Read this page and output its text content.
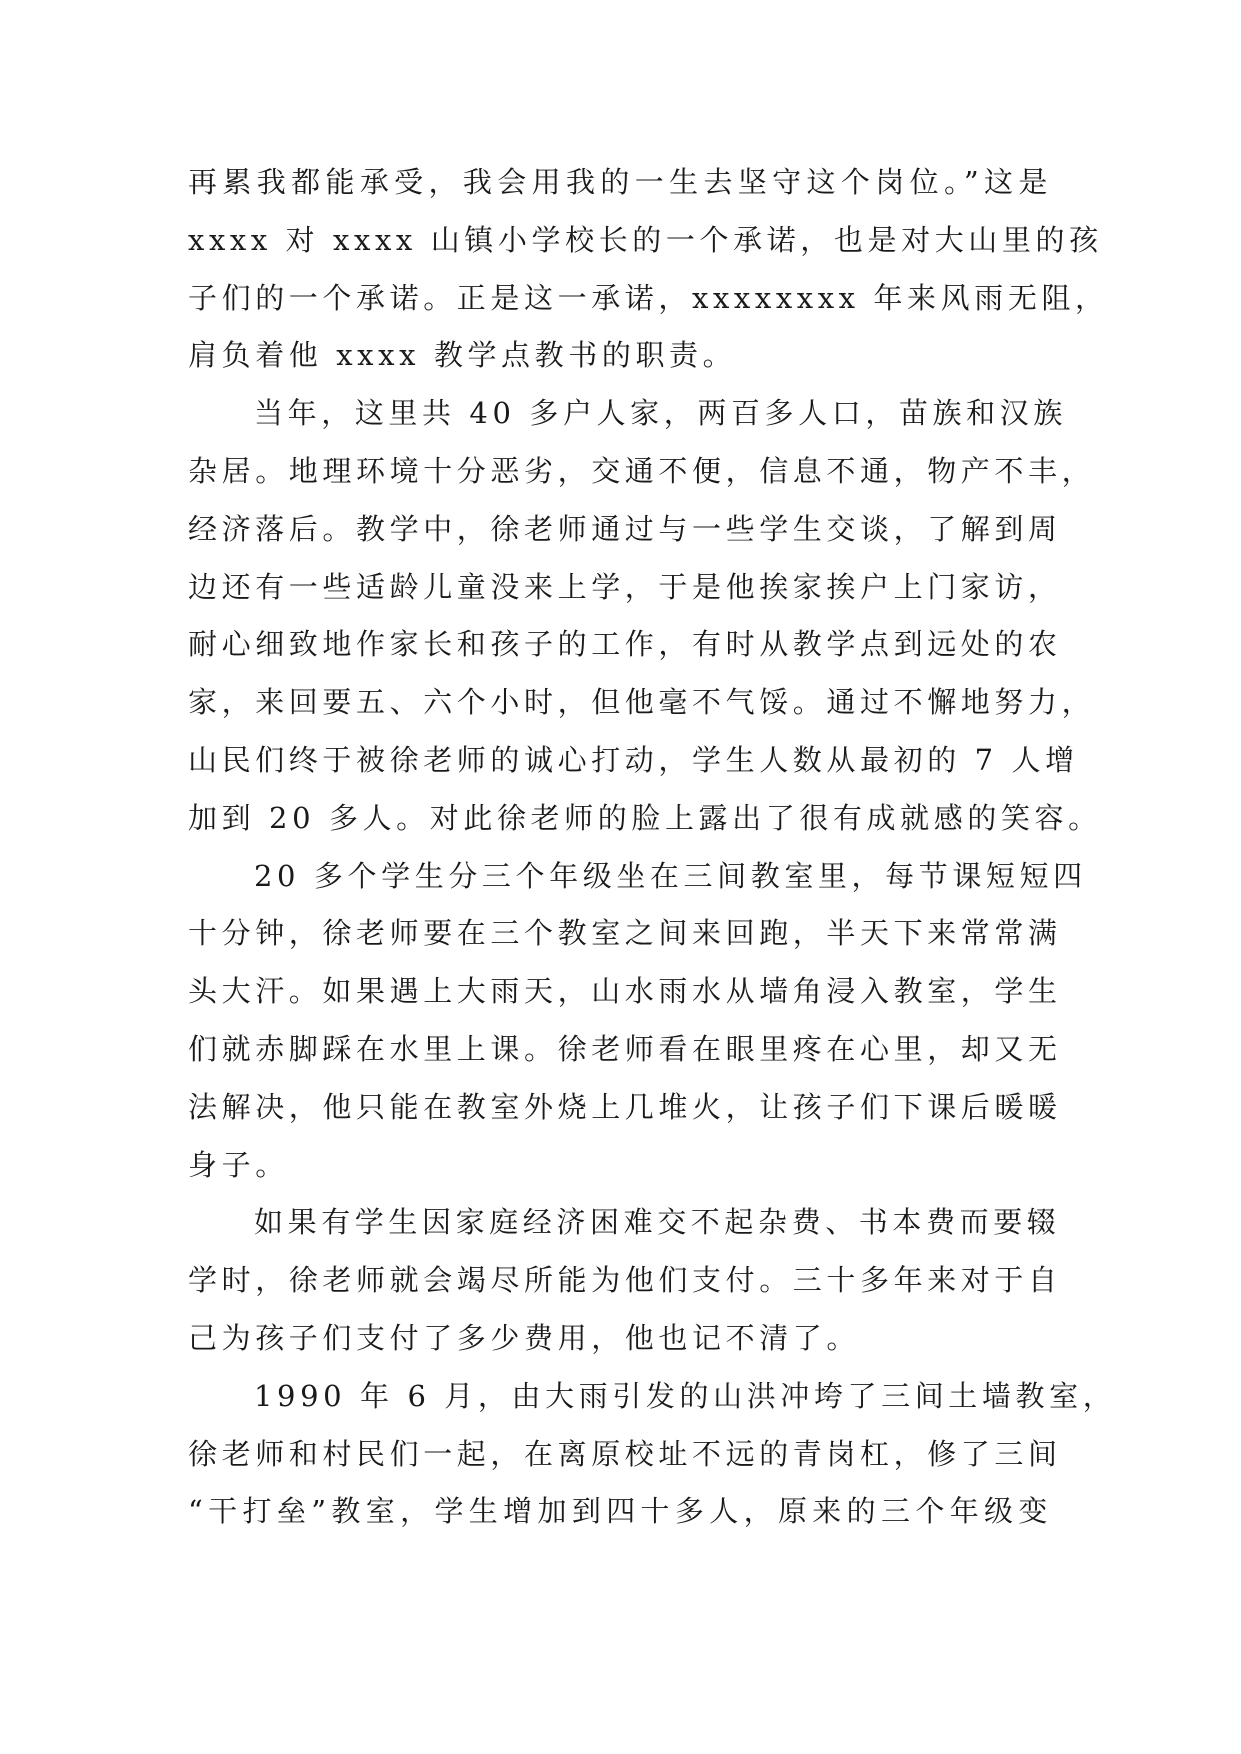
再累我都能承受，我会用我的一生去坚守这个岗位。”这是
xxxx 对 xxxx 山镇小学校长的一个承诺，也是对大山里的孩
子们的一个承诺。正是这一承诺，xxxxxxxx 年来风雨无阻，
肩负着他 xxxx 教学点教书的职责。
当年，这里共 40 多户人家，两百多人口，苗族和汉族
杂居。地理环境十分恶劣，交通不便，信息不通，物产不丰，
经济落后。教学中，徐老师通过与一些学生交谈，了解到周
边还有一些适龄儿童没来上学，于是他挨家挨户上门家访，
耐心细致地作家长和孩子的工作，有时从教学点到远处的农
家，来回要五、六个小时，但他毫不气馁。通过不懈地努力，
山民们终于被徐老师的诚心打动，学生人数从最初的 7 人增
加到 20 多人。对此徐老师的脸上露出了很有成就感的笑容。
20 多个学生分三个年级坐在三间教室里，每节课短短四
十分钟，徐老师要在三个教室之间来回跑，半天下来常常满
头大汗。如果遇上大雨天，山水雨水从墙角浸入教室，学生
们就赤脚踩在水里上课。徐老师看在眼里疼在心里，却又无
法解决，他只能在教室外烧上几堆火，让孩子们下课后暖暖
身子。
如果有学生因家庭经济困难交不起杂费、书本费而要辍
学时，徐老师就会竭尽所能为他们支付。三十多年来对于自
己为孩子们支付了多少费用，他也记不清了。
1990 年 6 月，由大雨引发的山洪冲垮了三间土墙教室，
徐老师和村民们一起，在离原校址不远的青岗杠，修了三间
“干打垒”教室，学生增加到四十多人，原来的三个年级变
